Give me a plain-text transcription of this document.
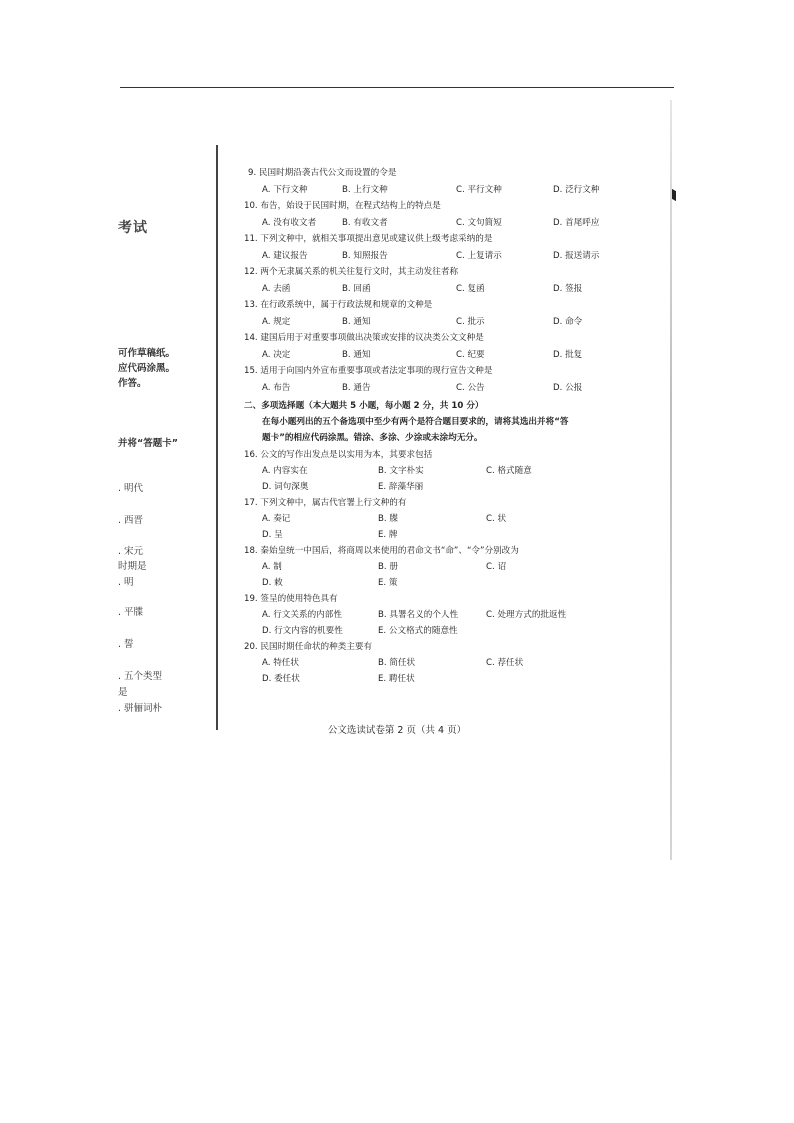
考试
可作草稿纸。
应代码涂黑。
作答。
并将“答题卡”
. 明代
. 西晋
. 宋元
时期是
. 明
. 平牒
. 誓
. 五个类型
是
. 骈俪词朴
9. 民国时期沿袭古代公文而设置的令是
A. 下行文种	B. 上行文种	C. 平行文种	D. 泛行文种
10. 布告，始设于民国时期，在程式结构上的特点是
A. 没有收文者	B. 有收文者	C. 文句简短	D. 首尾呼应
11. 下列文种中，就相关事项提出意见或建议供上级考虑采纳的是
A. 建议报告	B. 知照报告	C. 上复请示	D. 报送请示
12. 两个无隶属关系的机关往复行文时，其主动发往者称
A. 去函	B. 回函	C. 复函	D. 签报
13. 在行政系统中，属于行政法规和规章的文种是
A. 规定	B. 通知	C. 批示	D. 命令
14. 建国后用于对重要事项做出决策或安排的议决类公文文种是
A. 决定	B. 通知	C. 纪要	D. 批复
15. 适用于向国内外宣布重要事项或者法定事项的现行宣告文种是
A. 布告	B. 通告	C. 公告	D. 公报
二、多项选择题（本大题共 5 小题，每小题 2 分，共 10 分）
在每小题列出的五个备选项中至少有两个是符合题目要求的，请将其选出并将“答
题卡”的相应代码涂黑。错涂、多涂、少涂或未涂均无分。
16. 公文的写作出发点是以实用为本，其要求包括
A. 内容实在	B. 文字朴实	C. 格式随意
D. 词句深奥	E. 辞藻华丽
17. 下列文种中，属古代官署上行文种的有
A. 奏记	B. 牒	C. 状
D. 呈	E. 牌
18. 秦始皇统一中国后，将商周以来使用的君命文书“命”、“令”分别改为
A. 制	B. 册	C. 诏
D. 敕	E. 策
19. 签呈的使用特色具有
A. 行文关系的内部性	B. 具署名义的个人性	C. 处理方式的批返性
D. 行文内容的机要性	E. 公文格式的随意性
20. 民国时期任命状的种类主要有
A. 特任状	B. 简任状	C. 荐任状
D. 委任状	E. 聘任状
公文选读试卷第 2 页（共 4 页）
